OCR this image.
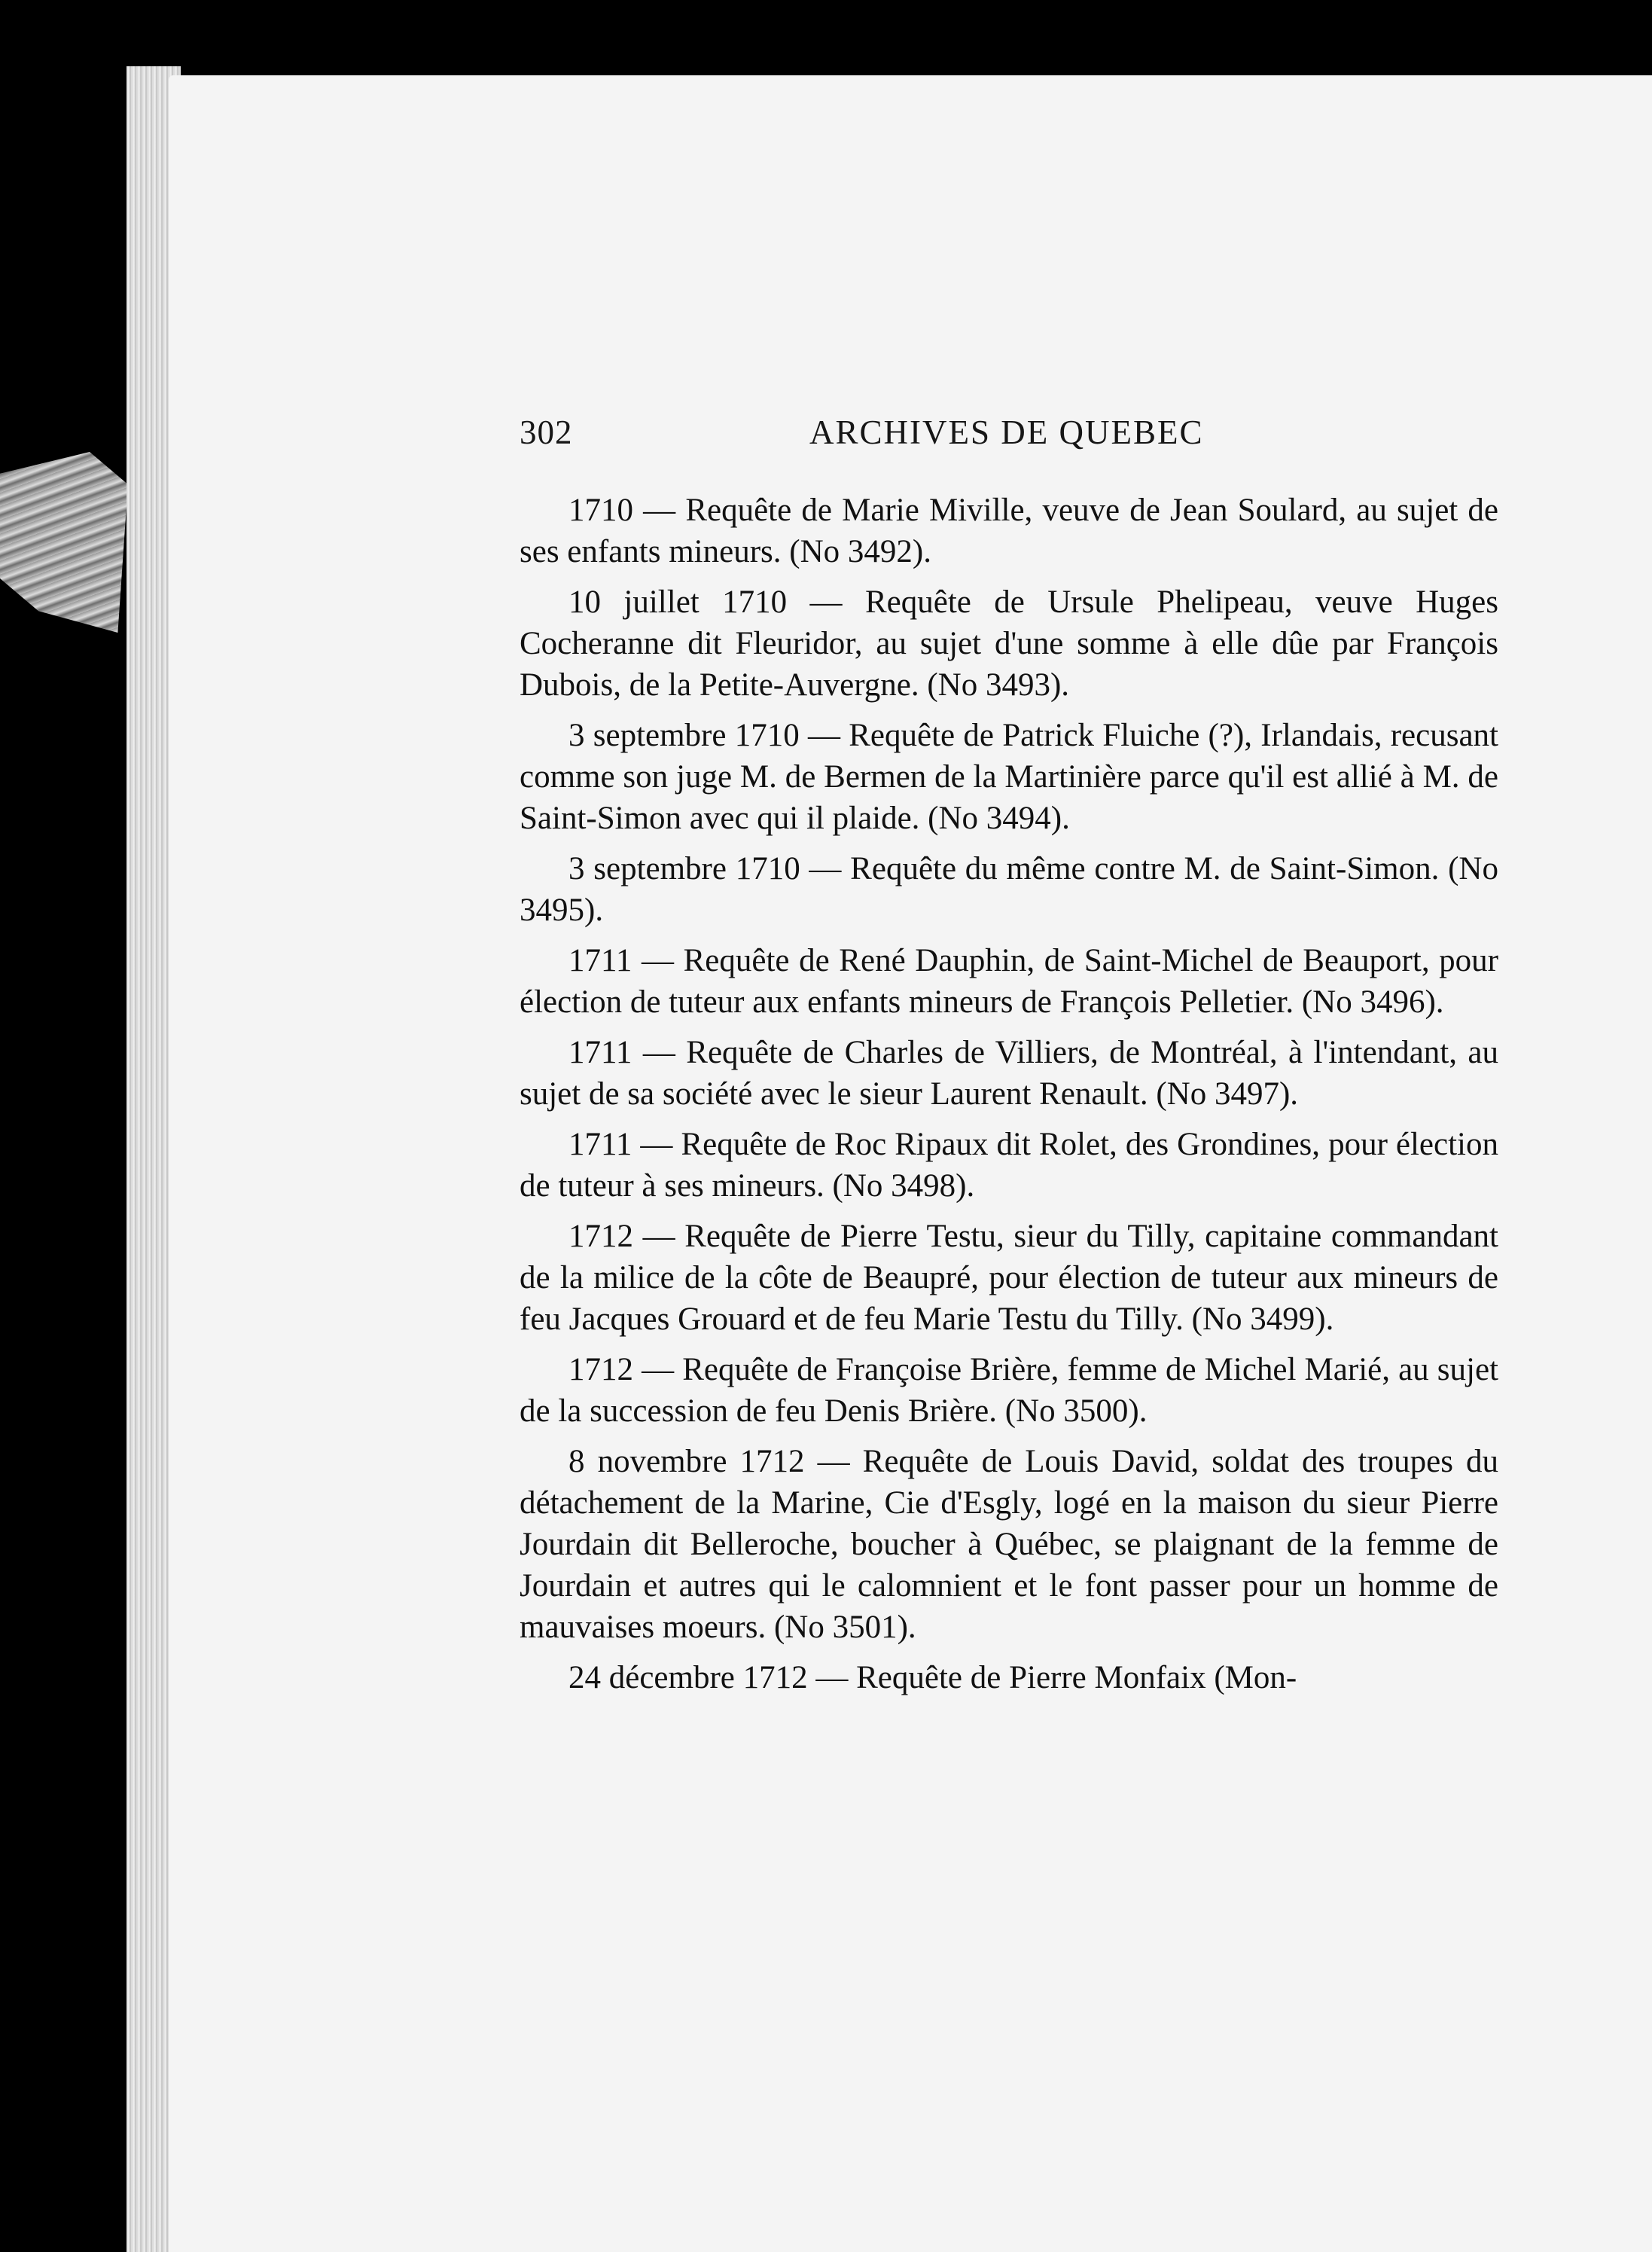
302	ARCHIVES DE QUEBEC

1710 — Requête de Marie Miville, veuve de Jean Soulard, au sujet de ses enfants mineurs. (No 3492).

10 juillet 1710 — Requête de Ursule Phelipeau, veuve Huges Cocheranne dit Fleuridor, au sujet d'une somme à elle dûe par François Dubois, de la Petite-Auvergne. (No 3493).

3 septembre 1710 — Requête de Patrick Fluiche (?), Irlandais, recusant comme son juge M. de Bermen de la Martinière parce qu'il est allié à M. de Saint-Simon avec qui il plaide. (No 3494).

3 septembre 1710 — Requête du même contre M. de Saint-Simon. (No 3495).

1711 — Requête de René Dauphin, de Saint-Michel de Beauport, pour élection de tuteur aux enfants mineurs de François Pelletier. (No 3496).

1711 — Requête de Charles de Villiers, de Montréal, à l'intendant, au sujet de sa société avec le sieur Laurent Renault. (No 3497).

1711 — Requête de Roc Ripaux dit Rolet, des Grondines, pour élection de tuteur à ses mineurs. (No 3498).

1712 — Requête de Pierre Testu, sieur du Tilly, capitaine commandant de la milice de la côte de Beaupré, pour élection de tuteur aux mineurs de feu Jacques Grouard et de feu Marie Testu du Tilly. (No 3499).

1712 — Requête de Françoise Brière, femme de Michel Marié, au sujet de la succession de feu Denis Brière. (No 3500).

8 novembre 1712 — Requête de Louis David, soldat des troupes du détachement de la Marine, Cie d'Esgly, logé en la maison du sieur Pierre Jourdain dit Belleroche, boucher à Québec, se plaignant de la femme de Jourdain et autres qui le calomnient et le font passer pour un homme de mauvaises moeurs. (No 3501).

24 décembre 1712 — Requête de Pierre Monfaix (Mon-
